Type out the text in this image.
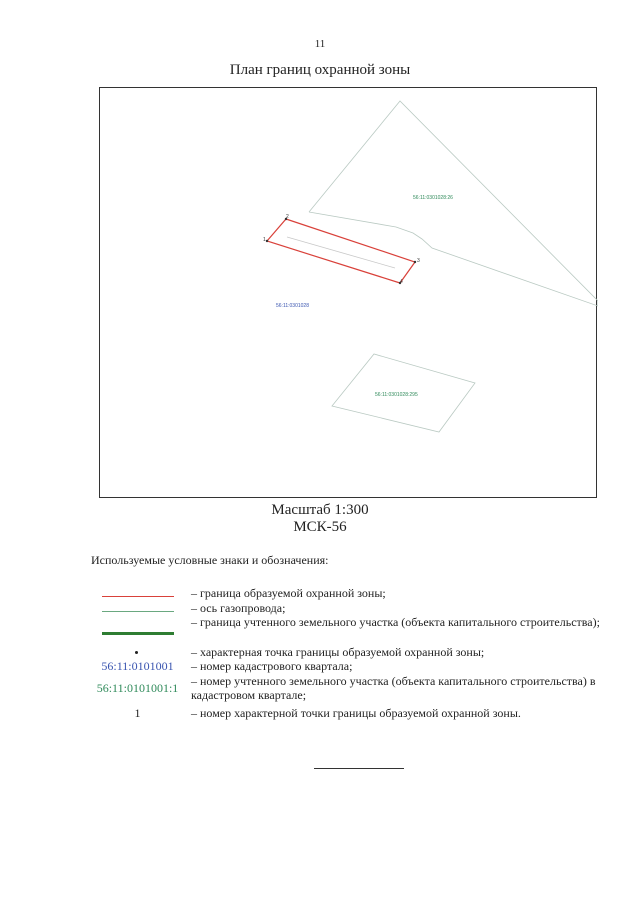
11
План границ охранной зоны
56:11:0301028:26
56:11:0301028
56:11:0301028:295
1
2
3
4
Масштаб 1:300
МСК-56
Используемые условные знаки и обозначения:
– граница образуемой охранной зоны;
– ось газопровода;
– граница учтенного земельного участка (объекта капитального строительства);
– характерная точка границы образуемой охранной зоны;
56:11:0101001	– номер кадастрового квартала;
56:11:0101001:1 – номер учтенного земельного участка (объекта капитального строительства) в кадастровом квартале;
1	– номер характерной точки границы образуемой охранной зоны.
